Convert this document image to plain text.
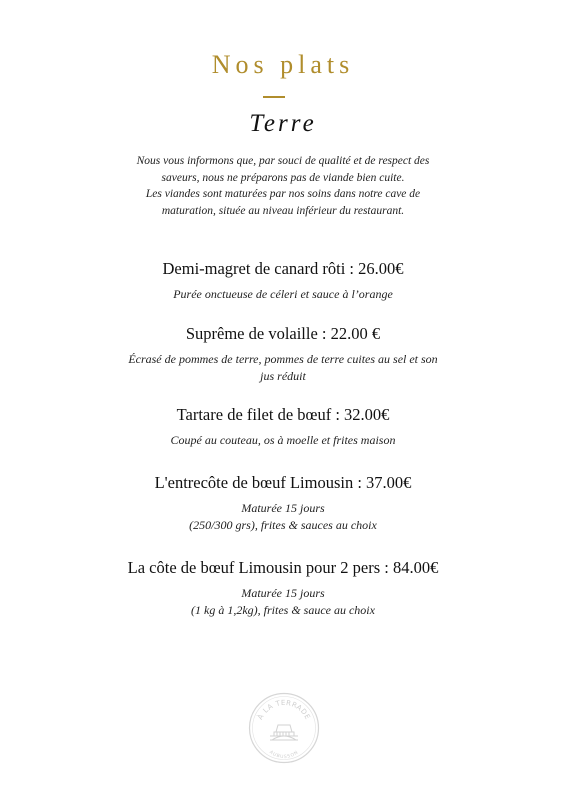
Nos plats
Terre
Nous vous informons que, par souci de qualité et de respect des
saveurs, nous ne préparons pas de viande bien cuite.
Les viandes sont maturées par nos soins dans notre cave de
maturation, située au niveau inférieur du restaurant.
Demi-magret de canard rôti : 26.00€
Purée onctueuse de céleri et sauce à l’orange
Suprême de volaille : 22.00 €
Écrasé de pommes de terre, pommes de terre cuites au sel et son
jus réduit
Tartare de filet de bœuf : 32.00€
Coupé au couteau, os à moelle et frites maison
L'entrecôte de bœuf Limousin : 37.00€
Maturée 15 jours
(250/300 grs), frites & sauces au choix
La côte de bœuf Limousin pour 2 pers : 84.00€
Maturée 15 jours
(1 kg à 1,2kg), frites & sauce au choix
À LA TERRADE
AUBUSSON
